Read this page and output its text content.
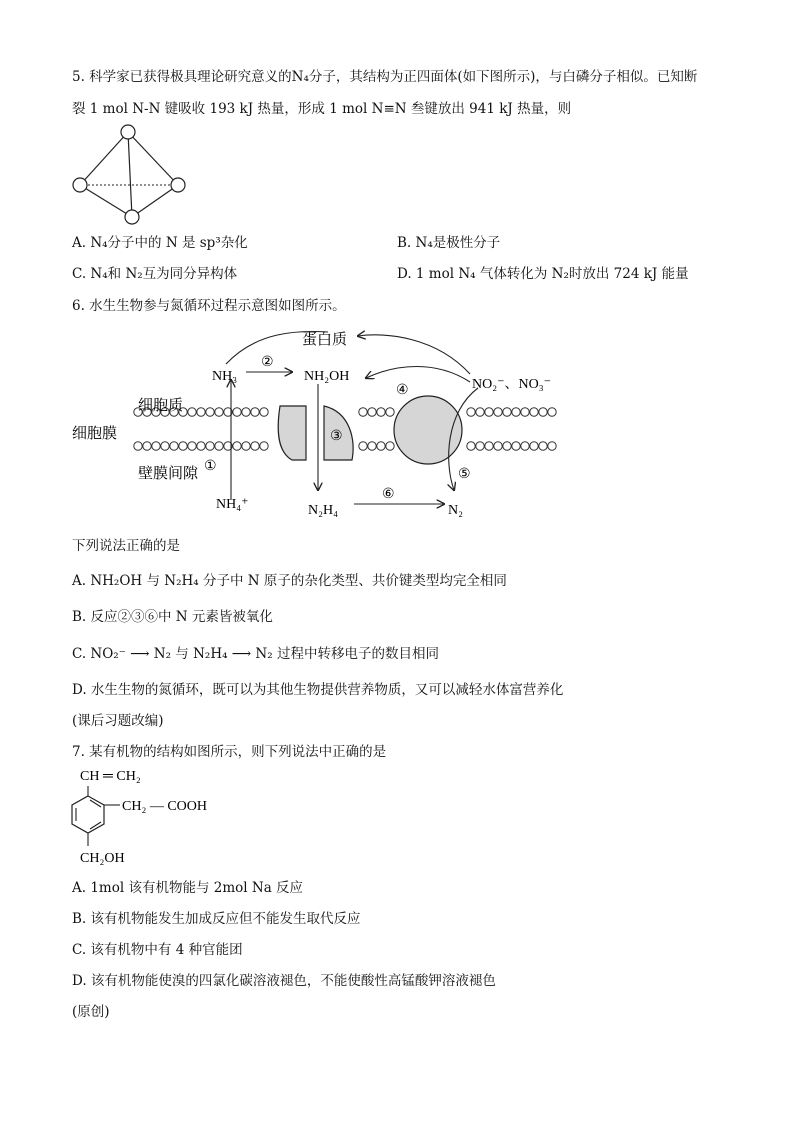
5. 科学家已获得极具理论研究意义的N₄分子，其结构为正四面体(如下图所示)，与白磷分子相似。已知断
裂 1 mol N-N 键吸收 193 kJ 热量，形成 1 mol N≡N 叁键放出 941 kJ 热量，则
A. N₄分子中的 N 是 sp³杂化	B. N₄是极性分子
C. N₄和 N₂互为同分异构体	D. 1 mol N₄ 气体转化为 N₂时放出 724 kJ 能量
6. 水生生物参与氮循环过程示意图如图所示。
蛋白质
NH₃
②
NH₂OH
④	NO₂⁻、NO₃⁻
细胞质
细胞膜	③
壁膜间隙 ①
⑤
NH₄⁺	N₂H₄
⑥
N₂
下列说法正确的是
A. NH₂OH 与 N₂H₄ 分子中 N 原子的杂化类型、共价键类型均完全相同
B. 反应②③⑥中 N 元素皆被氧化
C. NO₂⁻ ⟶ N₂ 与 N₂H₄ ⟶ N₂ 过程中转移电子的数目相同
D. 水生生物的氮循环，既可以为其他生物提供营养物质，又可以减轻水体富营养化
(课后习题改编)
7. 某有机物的结构如图所示，则下列说法中正确的是
CH ═ CH₂
CH₂ — COOH
CH₂OH
A. 1mol 该有机物能与 2mol Na 反应
B. 该有机物能发生加成反应但不能发生取代反应
C. 该有机物中有 4 种官能团
D. 该有机物能使溴的四氯化碳溶液褪色，不能使酸性高锰酸钾溶液褪色
(原创)
